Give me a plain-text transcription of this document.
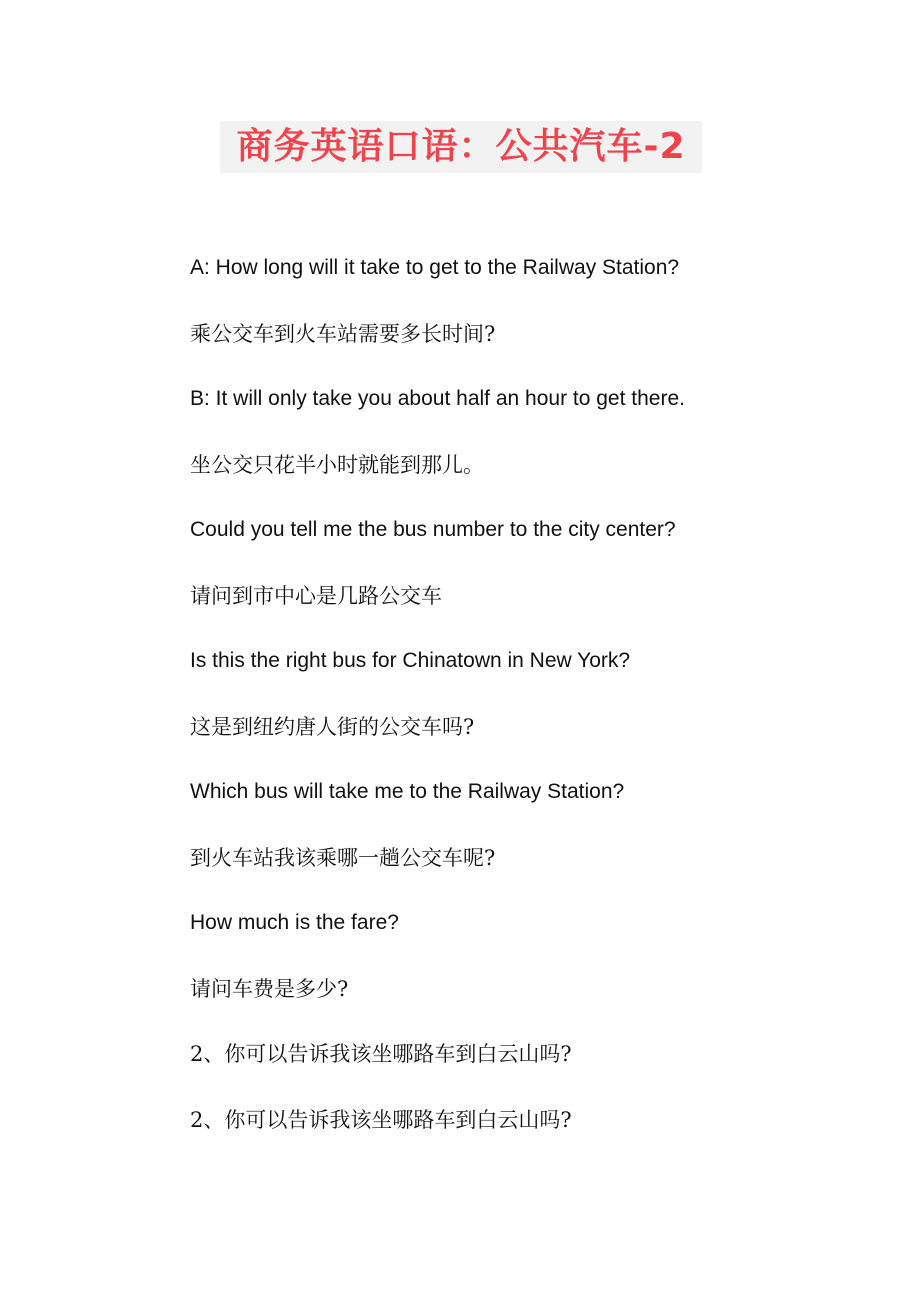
商务英语口语：公共汽车-2
A: How long will it take to get to the Railway Station?
乘公交车到火车站需要多长时间?
B: It will only take you about half an hour to get there.
坐公交只花半小时就能到那儿。
Could you tell me the bus number to the city center?
请问到市中心是几路公交车
Is this the right bus for Chinatown in New York?
这是到纽约唐人街的公交车吗?
Which bus will take me to the Railway Station?
到火车站我该乘哪一趟公交车呢?
How much is the fare?
请问车费是多少?
2、你可以告诉我该坐哪路车到白云山吗?
2、你可以告诉我该坐哪路车到白云山吗?
